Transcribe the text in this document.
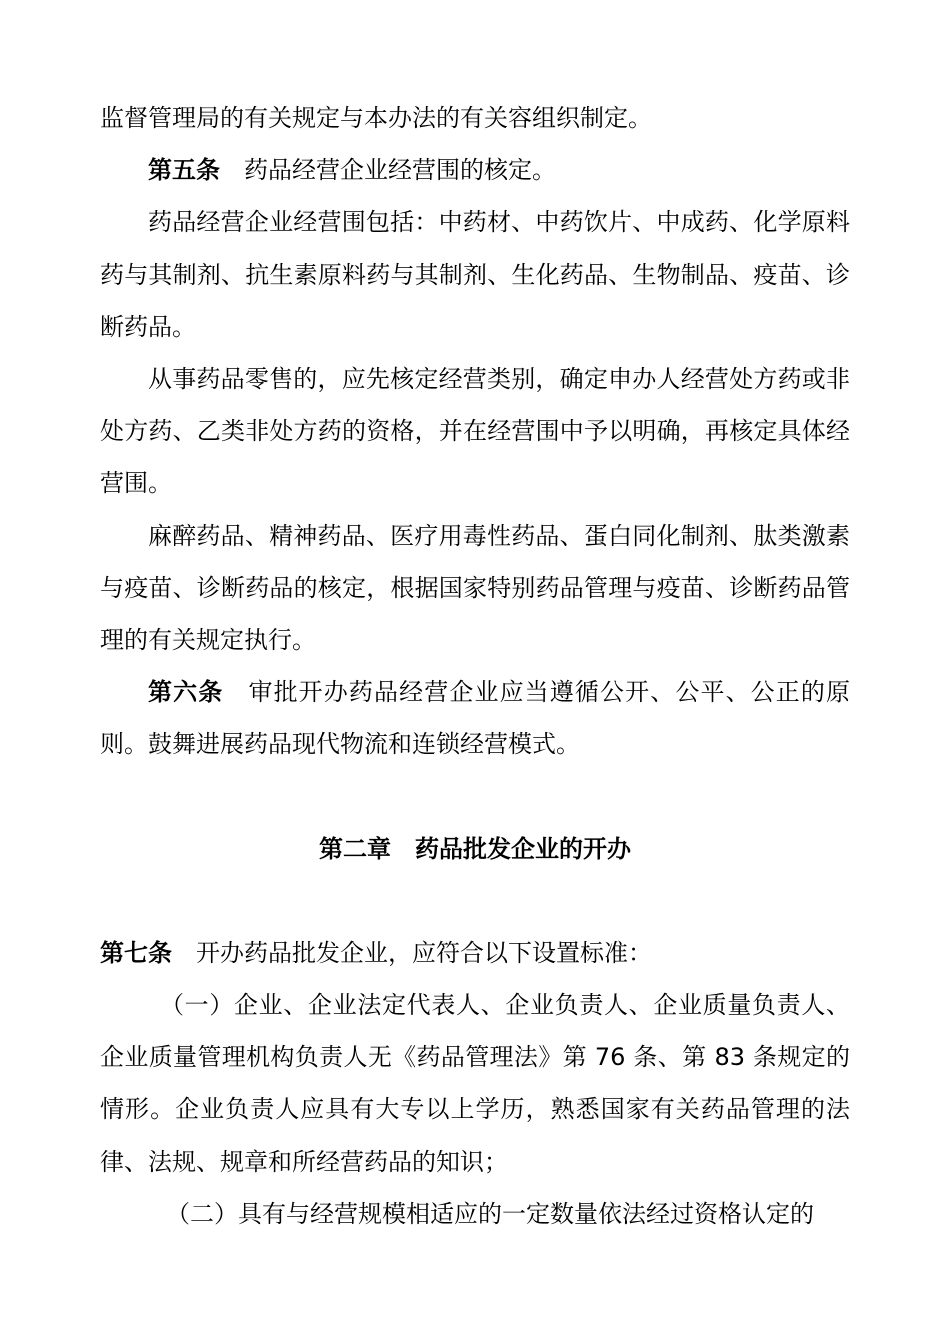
监督管理局的有关规定与本办法的有关容组织制定。

第五条 药品经营企业经营围的核定。

药品经营企业经营围包括：中药材、中药饮片、中成药、化学原料药与其制剂、抗生素原料药与其制剂、生化药品、生物制品、疫苗、诊断药品。

从事药品零售的，应先核定经营类别，确定申办人经营处方药或非处方药、乙类非处方药的资格，并在经营围中予以明确，再核定具体经营围。

麻醉药品、精神药品、医疗用毒性药品、蛋白同化制剂、肽类激素与疫苗、诊断药品的核定，根据国家特别药品管理与疫苗、诊断药品管理的有关规定执行。

第六条 审批开办药品经营企业应当遵循公开、公平、公正的原则。鼓舞进展药品现代物流和连锁经营模式。

第二章　药品批发企业的开办

第七条 开办药品批发企业，应符合以下设置标准：

（一）企业、企业法定代表人、企业负责人、企业质量负责人、企业质量管理机构负责人无《药品管理法》第 76 条、第 83 条规定的情形。企业负责人应具有大专以上学历，熟悉国家有关药品管理的法律、法规、规章和所经营药品的知识；

（二）具有与经营规模相适应的一定数量依法经过资格认定的
